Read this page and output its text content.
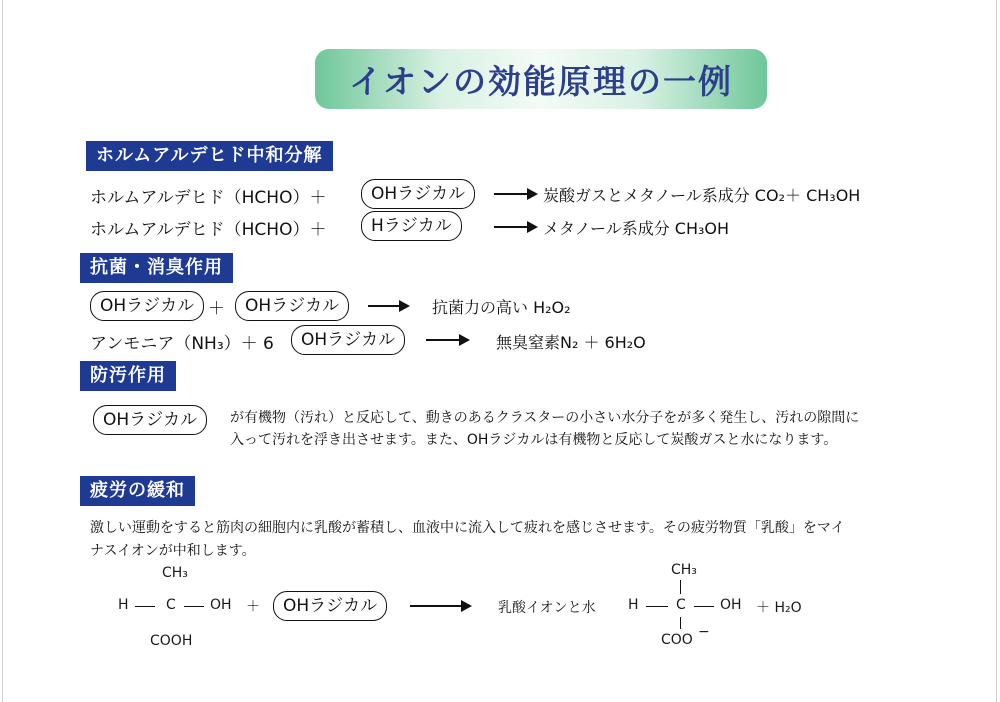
イオンの効能原理の一例
ホルムアルデヒド中和分解
ホルムアルデヒド（HCHO）＋	OHラジカル	→ 炭酸ガスとメタノール系成分 CO₂＋ CH₃OH
ホルムアルデヒド（HCHO）＋	Hラジカル	→ メタノール系成分 CH₃OH
抗菌・消臭作用
OHラジカル ＋	OHラジカル	→ 抗菌力の高い H₂O₂
アンモニア（NH₃）＋ 6	OHラジカル	無臭窒素N₂ ＋ 6H₂O
防汚作用
OHラジカル	が有機物（汚れ）と反応して、動きのあるクラスターの小さい水分子をが多く発生し、汚れの隙間に
入って汚れを浮き出させます。また、OHラジカルは有機物と反応して炭酸ガスと水になります。
疲労の緩和
激しい運動をすると筋肉の細胞内に乳酸が蓄積し、血液中に流入して疲れを感じさせます。その疲労物質「乳酸」をマイ
ナスイオンが中和します。
CH₃
H	C OH
COOH
＋	OHラジカル	乳酸イオンと水
CH₃
H	C OH
COO −
＋ H₂O
